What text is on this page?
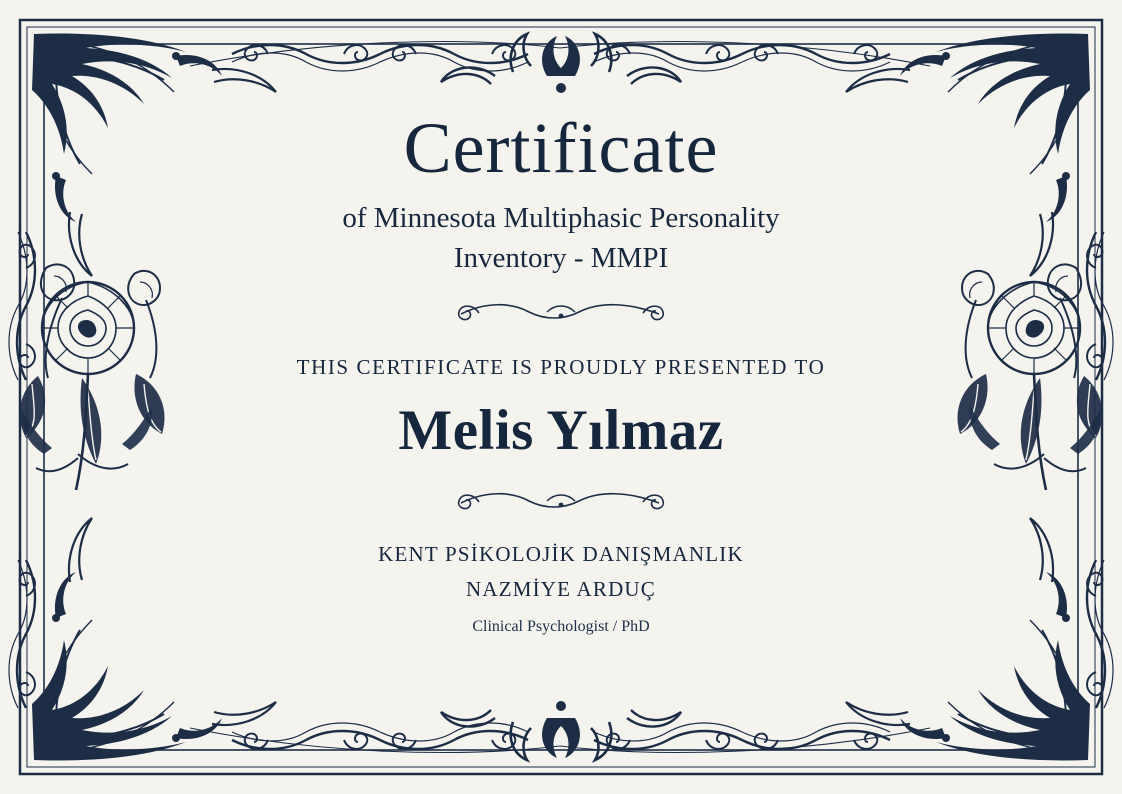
Certificate

of Minnesota Multiphasic Personality

Inventory - MMPI

THIS CERTIFICATE IS PROUDLY PRESENTED TO

Melis Yılmaz

KENT PSİKOLOJİK DANIŞMANLIK

NAZMİYE ARDUÇ

Clinical Psychologist / PhD
